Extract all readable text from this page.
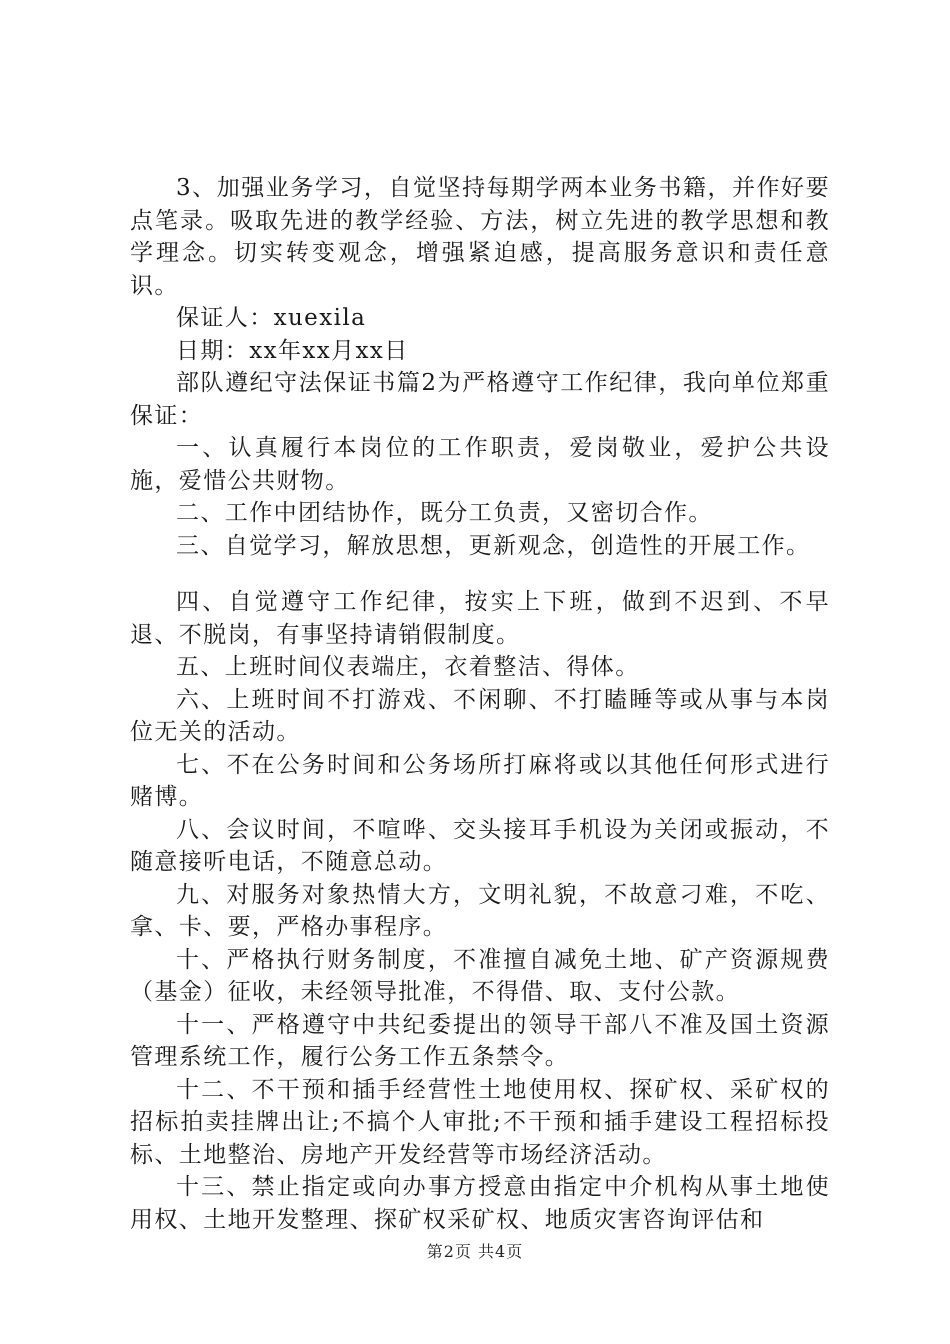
3、加强业务学习，自觉坚持每期学两本业务书籍，并作好要点笔录。吸取先进的教学经验、方法，树立先进的教学思想和教学理念。切实转变观念，增强紧迫感，提高服务意识和责任意识。

保证人：xuexila

日期：xx年xx月xx日

部队遵纪守法保证书篇2为严格遵守工作纪律，我向单位郑重保证：

一、认真履行本岗位的工作职责，爱岗敬业，爱护公共设施，爱惜公共财物。

二、工作中团结协作，既分工负责，又密切合作。

三、自觉学习，解放思想，更新观念，创造性的开展工作。

四、自觉遵守工作纪律，按实上下班，做到不迟到、不早退、不脱岗，有事坚持请销假制度。

五、上班时间仪表端庄，衣着整洁、得体。

六、上班时间不打游戏、不闲聊、不打瞌睡等或从事与本岗位无关的活动。

七、不在公务时间和公务场所打麻将或以其他任何形式进行赌博。

八、会议时间，不喧哗、交头接耳手机设为关闭或振动，不随意接听电话，不随意总动。

九、对服务对象热情大方，文明礼貌，不故意刁难，不吃、拿、卡、要，严格办事程序。

十、严格执行财务制度，不准擅自减免土地、矿产资源规费（基金）征收，未经领导批准，不得借、取、支付公款。

十一、严格遵守中共纪委提出的领导干部八不准及国土资源管理系统工作，履行公务工作五条禁令。

十二、不干预和插手经营性土地使用权、探矿权、采矿权的招标拍卖挂牌出让;不搞个人审批;不干预和插手建设工程招标投标、土地整治、房地产开发经营等市场经济活动。

十三、禁止指定或向办事方授意由指定中介机构从事土地使用权、土地开发整理、探矿权采矿权、地质灾害咨询评估和

第2页 共4页
